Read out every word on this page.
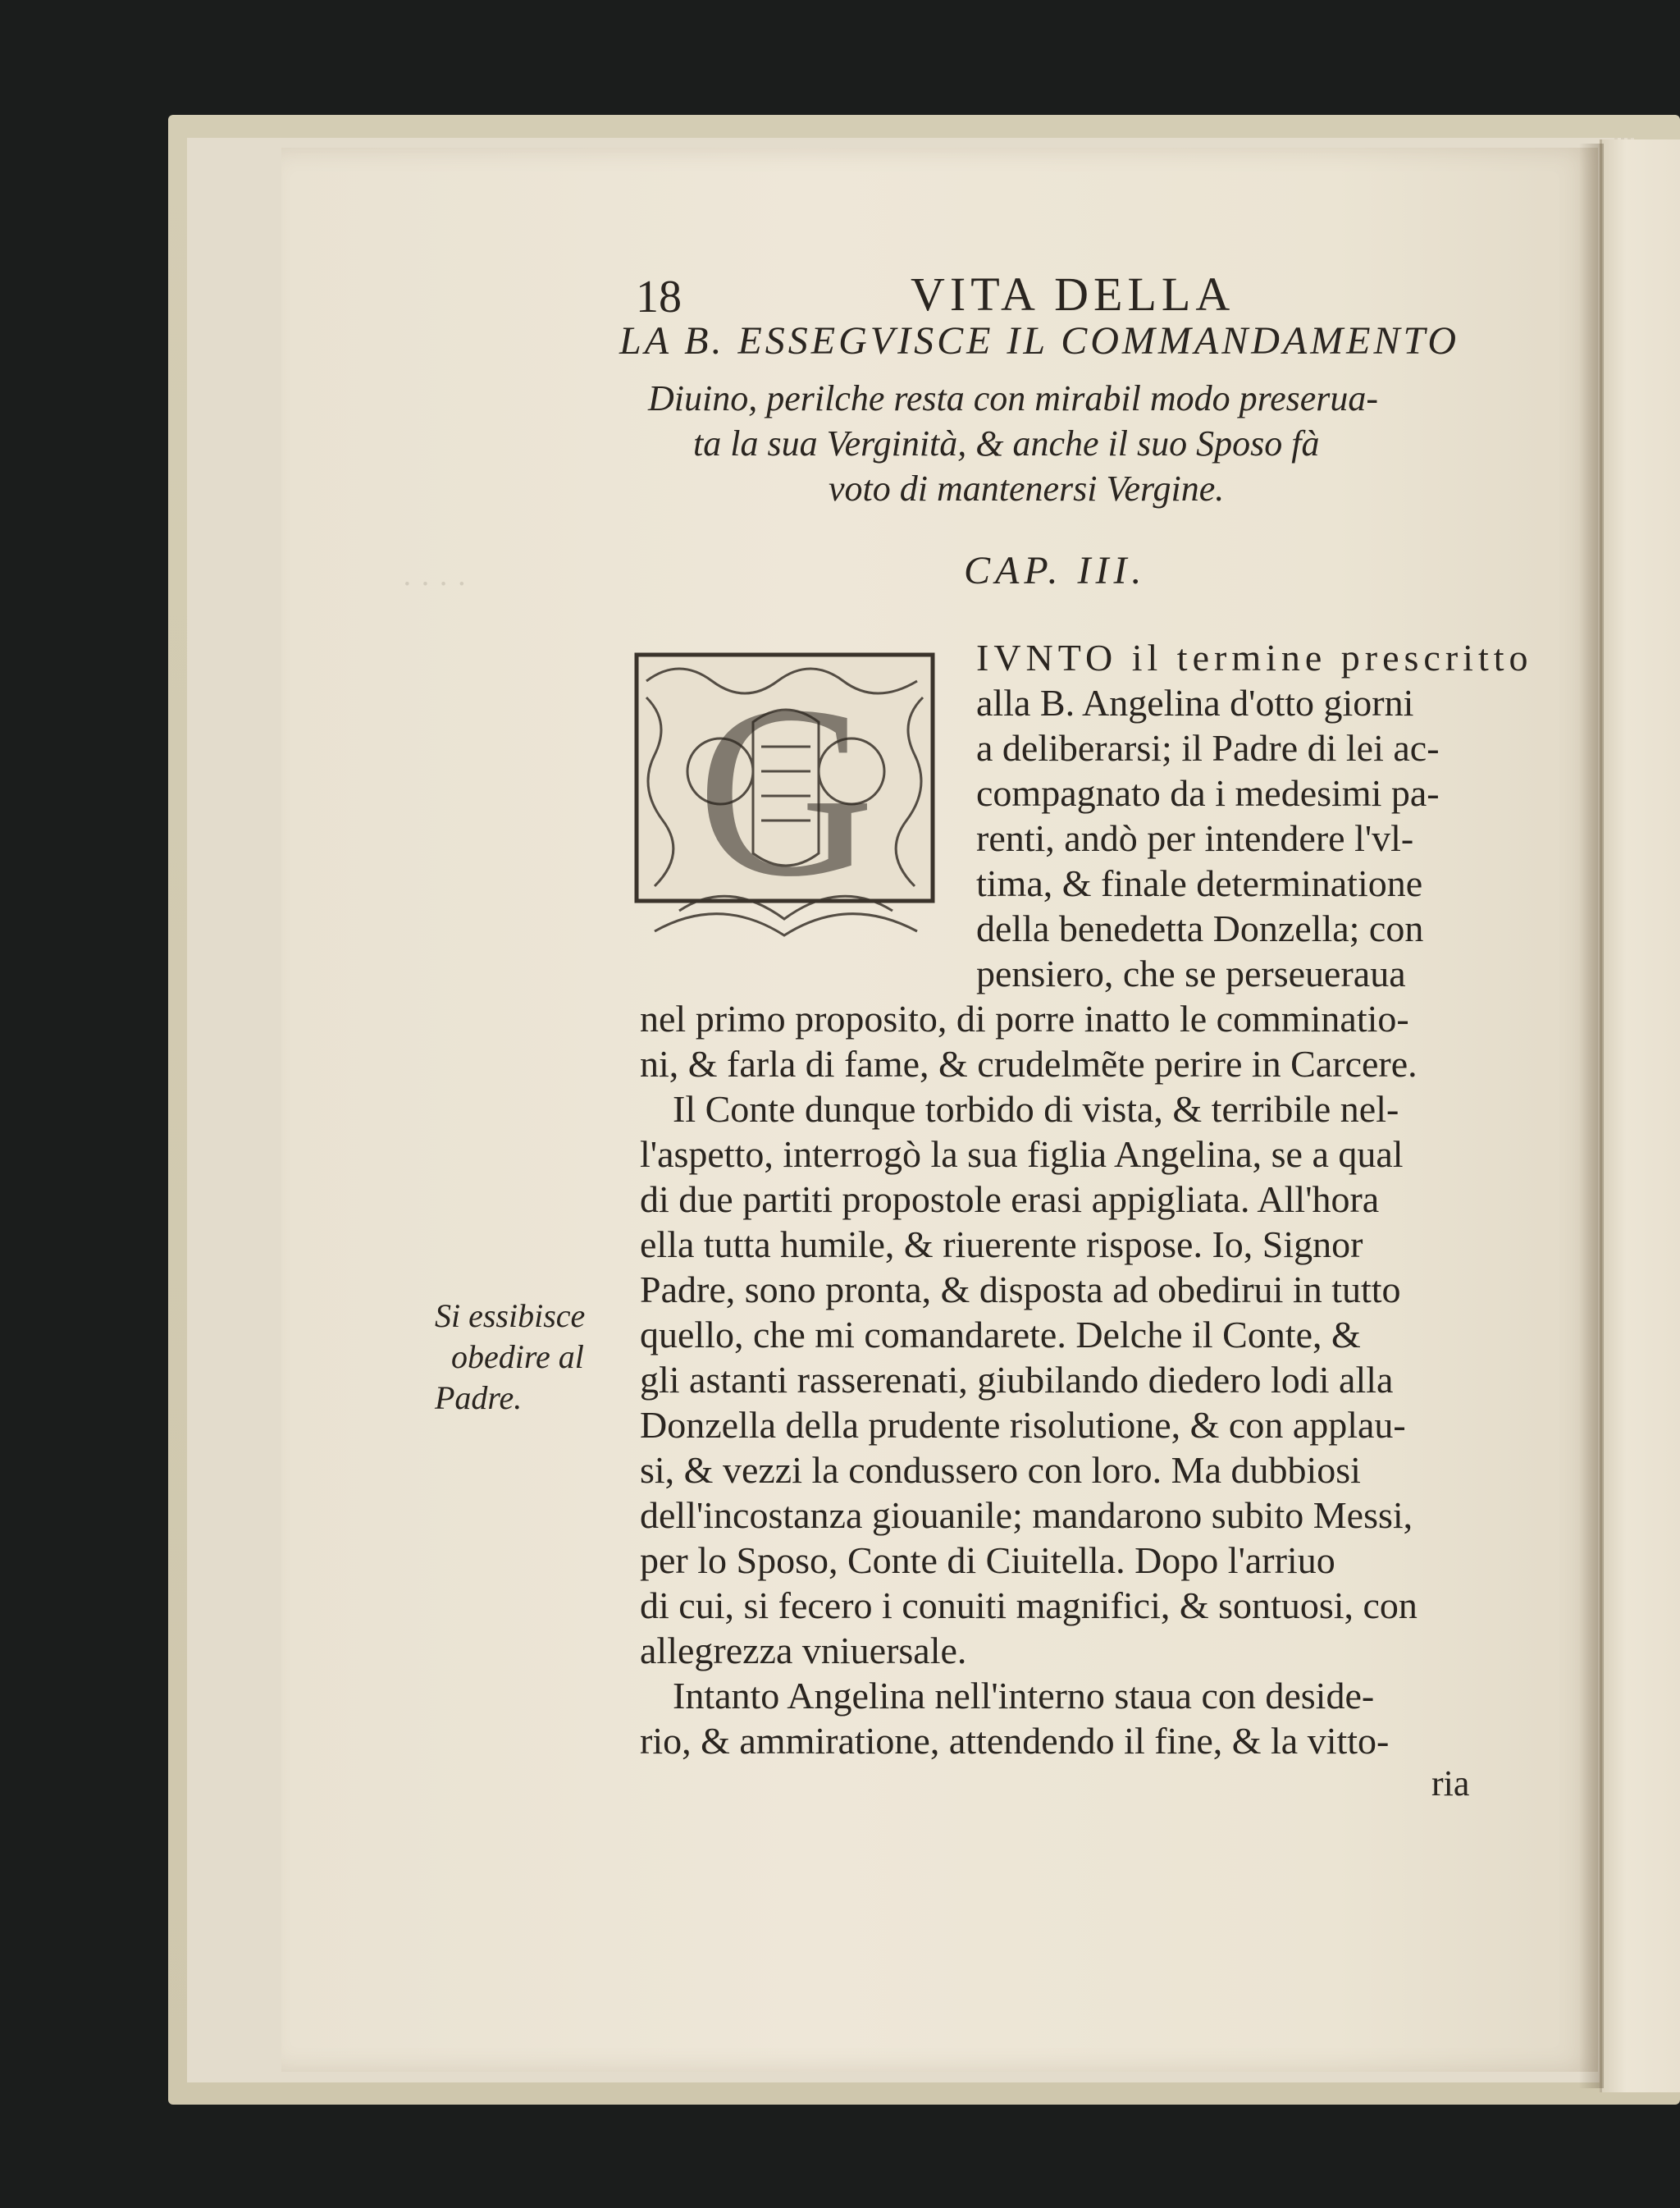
· · · ·
18	VITA DELLA
LA B. ESSEGVISCE IL COMMANDAMENTO
Diuino, perilche resta con mirabil modo preserua-
ta la sua Verginità, & anche il suo Sposo fà
voto di mantenersi Vergine.
CAP. III.
G	IVNTO il termine prescritto
alla B. Angelina d'otto giorni
a deliberarsi; il Padre di lei ac-
compagnato da i medesimi pa-
renti, andò per intendere l'vl-
tima, & finale determinatione
della benedetta Donzella; con
pensiero, che se perseueraua
nel primo proposito, di porre inatto le comminatio-
ni, & farla di fame, & crudelmẽte perire in Carcere.
Il Conte dunque torbido di vista, & terribile nel-
l'aspetto, interrogò la sua figlia Angelina, se a qual
di due partiti propostole erasi appigliata. All'hora
ella tutta humile, & riuerente rispose. Io, Signor
Padre, sono pronta, & disposta ad obedirui in tutto
quello, che mi comandarete. Delche il Conte, &
gli astanti rasserenati, giubilando diedero lodi alla
Donzella della prudente risolutione, & con applau-
si, & vezzi la condussero con loro. Ma dubbiosi
dell'incostanza giouanile; mandarono subito Messi,
per lo Sposo, Conte di Ciuitella. Dopo l'arriuo
di cui, si fecero i conuiti magnifici, & sontuosi, con
allegrezza vniuersale.
Intanto Angelina nell'interno staua con deside-
rio, & ammiratione, attendendo il fine, & la vitto-
Si essibisce
obedire al
Padre.
ria
